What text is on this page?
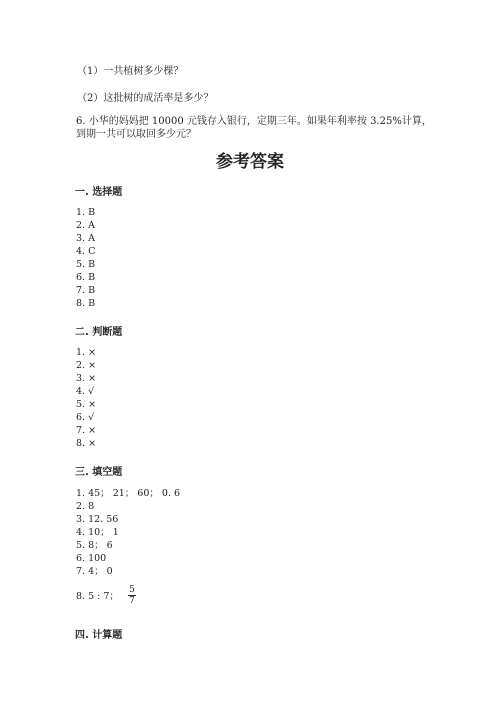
（1）一共植树多少棵？
（2）这批树的成活率是多少？
6. 小华的妈妈把 10000 元钱存入银行，定期三年。如果年利率按 3.25%计算，
到期一共可以取回多少元？
参考答案
一. 选择题
1. B
2. A
3. A
4. C
5. B
6. B
7. B
8. B
二. 判断题
1. ×
2. ×
3. ×
4. √
5. ×
6. √
7. ×
8. ×
三. 填空题
1. 45； 21； 60； 0. 6
2. 8
3. 12. 56
4. 10； 1
5. 8； 6
6. 100
7. 4； 0
8. 5 : 7；
5
7
四. 计算题
